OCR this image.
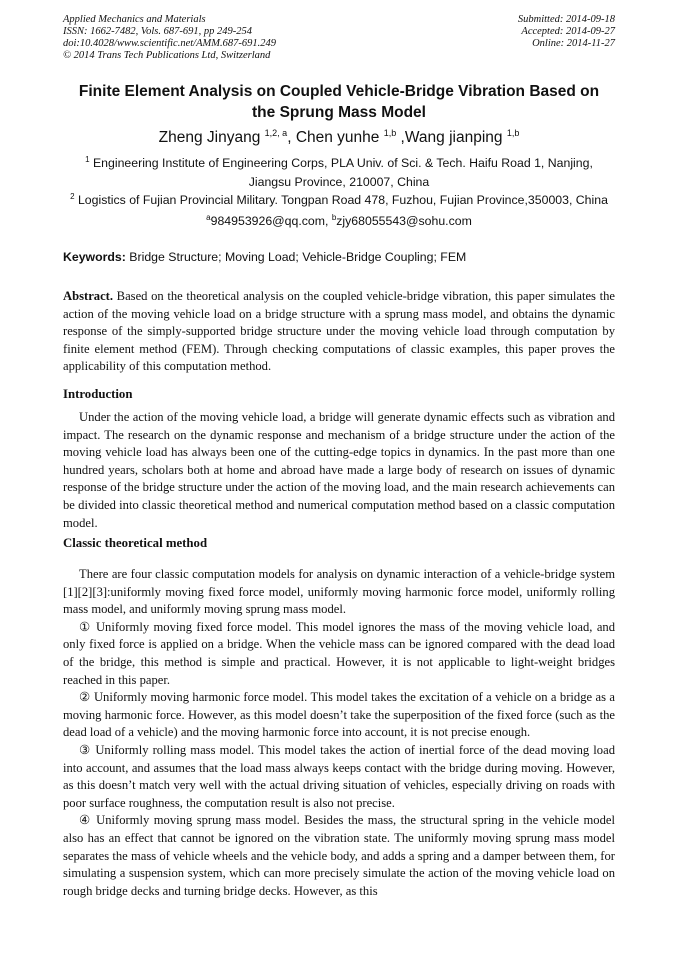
Applied Mechanics and Materials
ISSN: 1662-7482, Vols. 687-691, pp 249-254
doi:10.4028/www.scientific.net/AMM.687-691.249
© 2014 Trans Tech Publications Ltd, Switzerland
Submitted: 2014-09-18
Accepted: 2014-09-27
Online: 2014-11-27
Finite Element Analysis on Coupled Vehicle-Bridge Vibration Based on
the Sprung Mass Model
Zheng Jinyang $^{1,2, a}$, Chen yunhe $^{1,b}$ ,Wang jianping $^{1,b}$
$^1$ Engineering Institute of Engineering Corps, PLA Univ. of Sci. & Tech. Haifu Road 1, Nanjing,
Jiangsu Province, 210007, China
$^2$ Logistics of Fujian Provincial Military. Tongpan Road 478, Fuzhou, Fujian Province,350003, China
$^a$984953926@qq.com, $^b$zjy68055543@sohu.com
Keywords: Bridge Structure; Moving Load; Vehicle-Bridge Coupling; FEM

Abstract. Based on the theoretical analysis on the coupled vehicle-bridge vibration, this paper simulates the action of the moving vehicle load on a bridge structure with a sprung mass model, and obtains the dynamic response of the simply-supported bridge structure under the moving vehicle load through computation by finite element method (FEM). Through checking computations of classic examples, this paper proves the applicability of this computation method.

Introduction

Under the action of the moving vehicle load, a bridge will generate dynamic effects such as vibration and impact. The research on the dynamic response and mechanism of a bridge structure under the action of the moving vehicle load has always been one of the cutting-edge topics in dynamics. In the past more than one hundred years, scholars both at home and abroad have made a large body of research on issues of dynamic response of the bridge structure under the action of the moving load, and the main research achievements can be divided into classic theoretical method and numerical computation method based on a classic computation model.

Classic theoretical method

There are four classic computation models for analysis on dynamic interaction of a vehicle-bridge system [1][2][3]:uniformly moving fixed force model, uniformly moving harmonic force model, uniformly rolling mass model, and uniformly moving sprung mass model.

① Uniformly moving fixed force model. This model ignores the mass of the moving vehicle load, and only fixed force is applied on a bridge. When the vehicle mass can be ignored compared with the dead load of the bridge, this method is simple and practical. However, it is not applicable to light-weight bridges reached in this paper.

② Uniformly moving harmonic force model. This model takes the excitation of a vehicle on a bridge as a moving harmonic force. However, as this model doesn’t take the superposition of the fixed force (such as the dead load of a vehicle) and the moving harmonic force into account, it is not precise enough.

③ Uniformly rolling mass model. This model takes the action of inertial force of the dead moving load into account, and assumes that the load mass always keeps contact with the bridge during moving. However, as this doesn’t match very well with the actual driving situation of vehicles, especially driving on roads with poor surface roughness, the computation result is also not precise.

④ Uniformly moving sprung mass model. Besides the mass, the structural spring in the vehicle model also has an effect that cannot be ignored on the vibration state. The uniformly moving sprung mass model separates the mass of vehicle wheels and the vehicle body, and adds a spring and a damper between them, for simulating a suspension system, which can more precisely simulate the action of the moving vehicle load on rough bridge decks and turning bridge decks. However, as this
